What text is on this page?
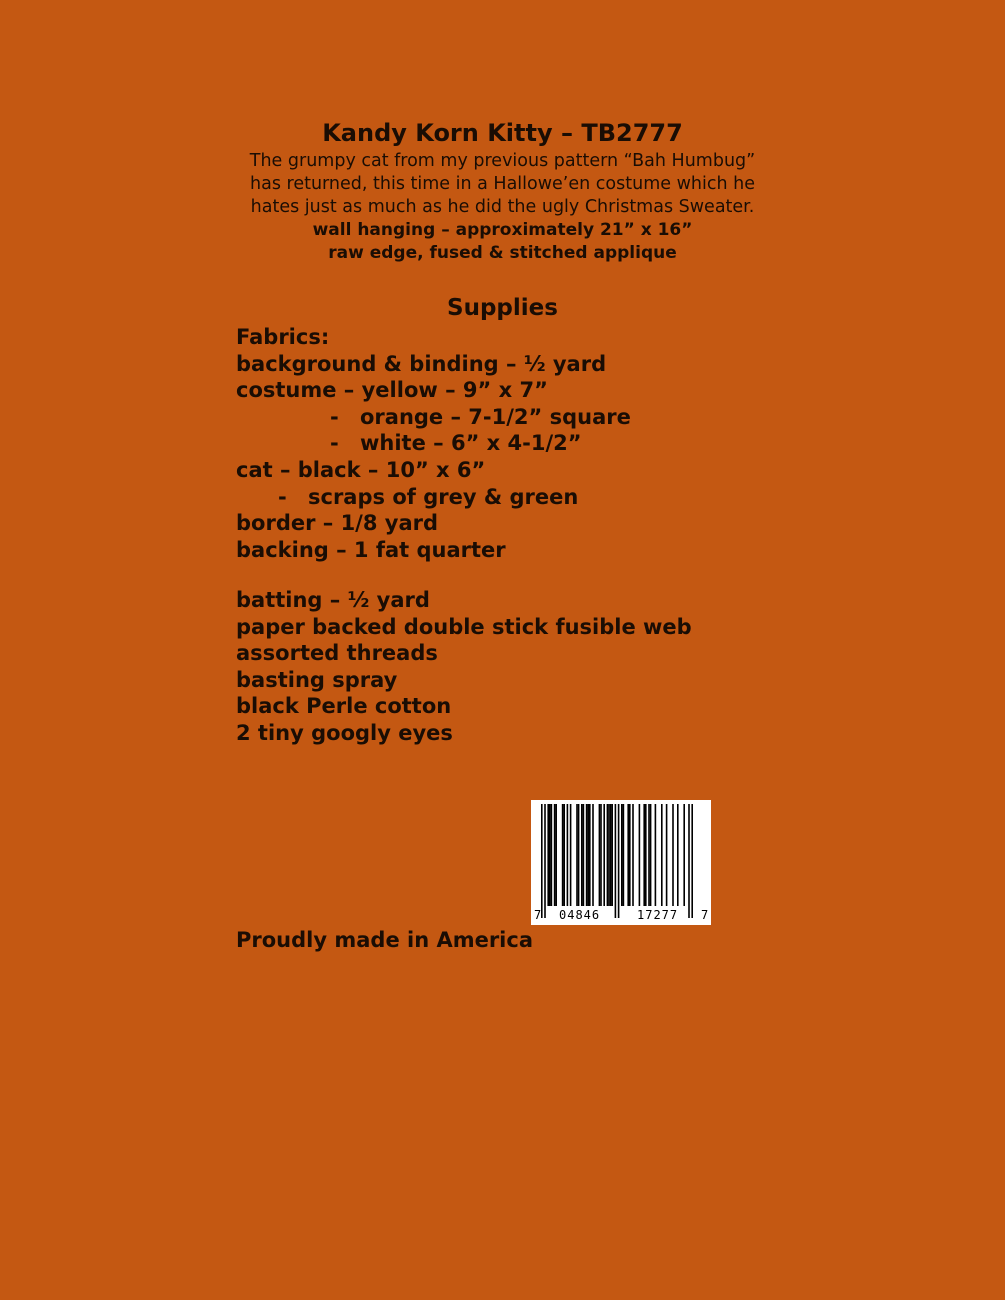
Kandy Korn Kitty – TB2777

The grumpy cat from my previous pattern “Bah Humbug”
has returned, this time in a Hallowe’en costume which he
hates just as much as he did the ugly Christmas Sweater.

wall hanging – approximately 21” x 16”

raw edge, fused & stitched applique

Supplies
Fabrics:
background & binding – ½ yard
costume – yellow – 9” x 7”
- orange – 7-1/2” square
- white – 6” x 4-1/2”
cat – black – 10” x 6”
- scraps of grey & green
border – 1/8 yard
backing – 1 fat quarter
batting – ½ yard
paper backed double stick fusible web
assorted threads
basting spray
black Perle cotton
2 tiny googly eyes
7 04846	17277 7
Proudly made in America
